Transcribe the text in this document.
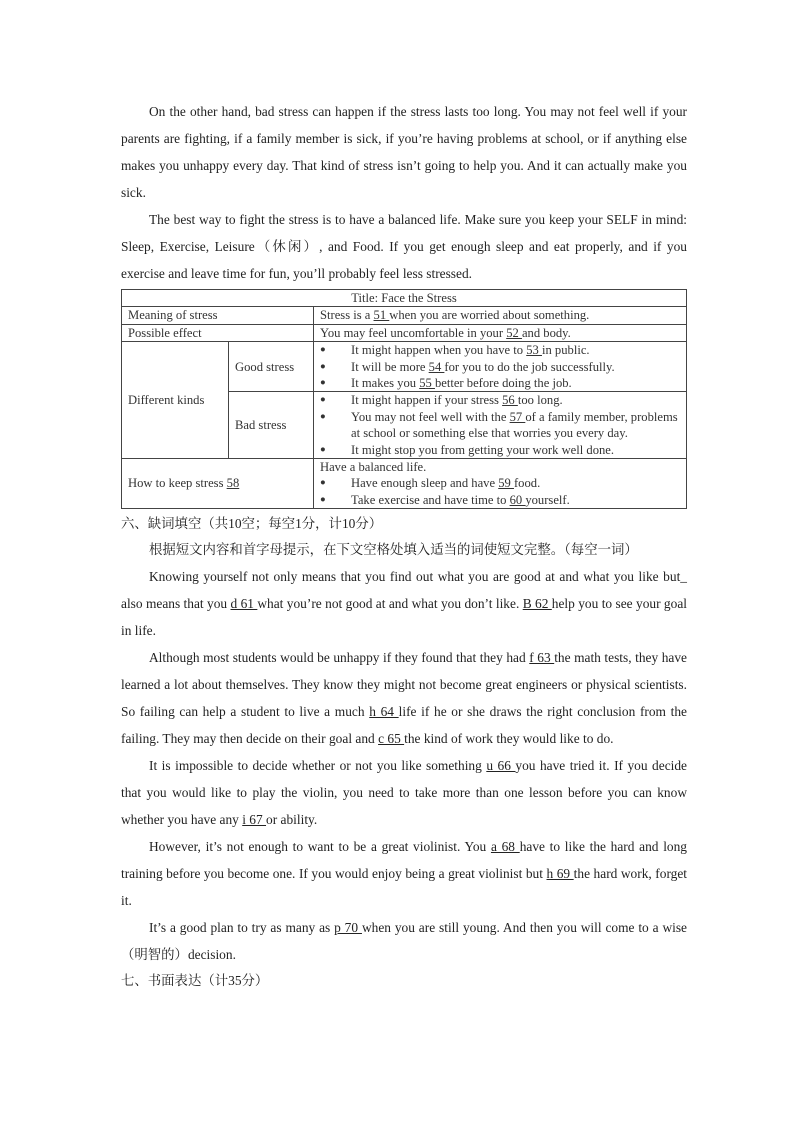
On the other hand, bad stress can happen if the stress lasts too long. You may not feel well if your parents are fighting, if a family member is sick, if you’re having problems at school, or if anything else makes you unhappy every day. That kind of stress isn’t going to help you. And it can actually make you sick.

The best way to fight the stress is to have a balanced life. Make sure you keep your SELF in mind: Sleep, Exercise, Leisure（休闲）, and Food. If you get enough sleep and eat properly, and if you exercise and leave time for fun, you’ll probably feel less stressed.

Title: Face the Stress		
Meaning of stress		Stress is a 51 when you are worried about something.
Possible effect		You may feel uncomfortable in your 52 and body.
Different kinds	Good stress	● It might happen when you have to 53 in public.
● It will be more 54 for you to do the job successfully.
● It makes you 55 better before doing the job.

	Bad stress	● It might happen if your stress 56 too long.
● You may not feel well with the 57 of a family member, problems at school or something else that worries you every day.
● It might stop you from getting your work well done.

How to keep stress 58		Have a balanced life.
● Have enough sleep and have 59 food.
● Take exercise and have time to 60 yourself.

六、缺词填空（共10空；每空1分，计10分）

根据短文内容和首字母提示，在下文空格处填入适当的词使短文完整。（每空一词）

Knowing yourself not only means that you find out what you are good at and what you like but_ also means that you d 61 what you’re not good at and what you don’t like. B 62 help you to see your goal in life.

Although most students would be unhappy if they found that they had f 63 the math tests, they have learned a lot about themselves. They know they might not become great engineers or physical scientists. So failing can help a student to live a much h 64 life if he or she draws the right conclusion from the failing. They may then decide on their goal and c 65 the kind of work they would like to do.

It is impossible to decide whether or not you like something u 66 you have tried it. If you decide that you would like to play the violin, you need to take more than one lesson before you can know whether you have any i 67 or ability.

However, it’s not enough to want to be a great violinist. You a 68 have to like the hard and long training before you become one. If you would enjoy being a great violinist but h 69 the hard work, forget it.

It’s a good plan to try as many as p 70 when you are still young. And then you will come to a wise（明智的）decision.

七、书面表达（计35分）
